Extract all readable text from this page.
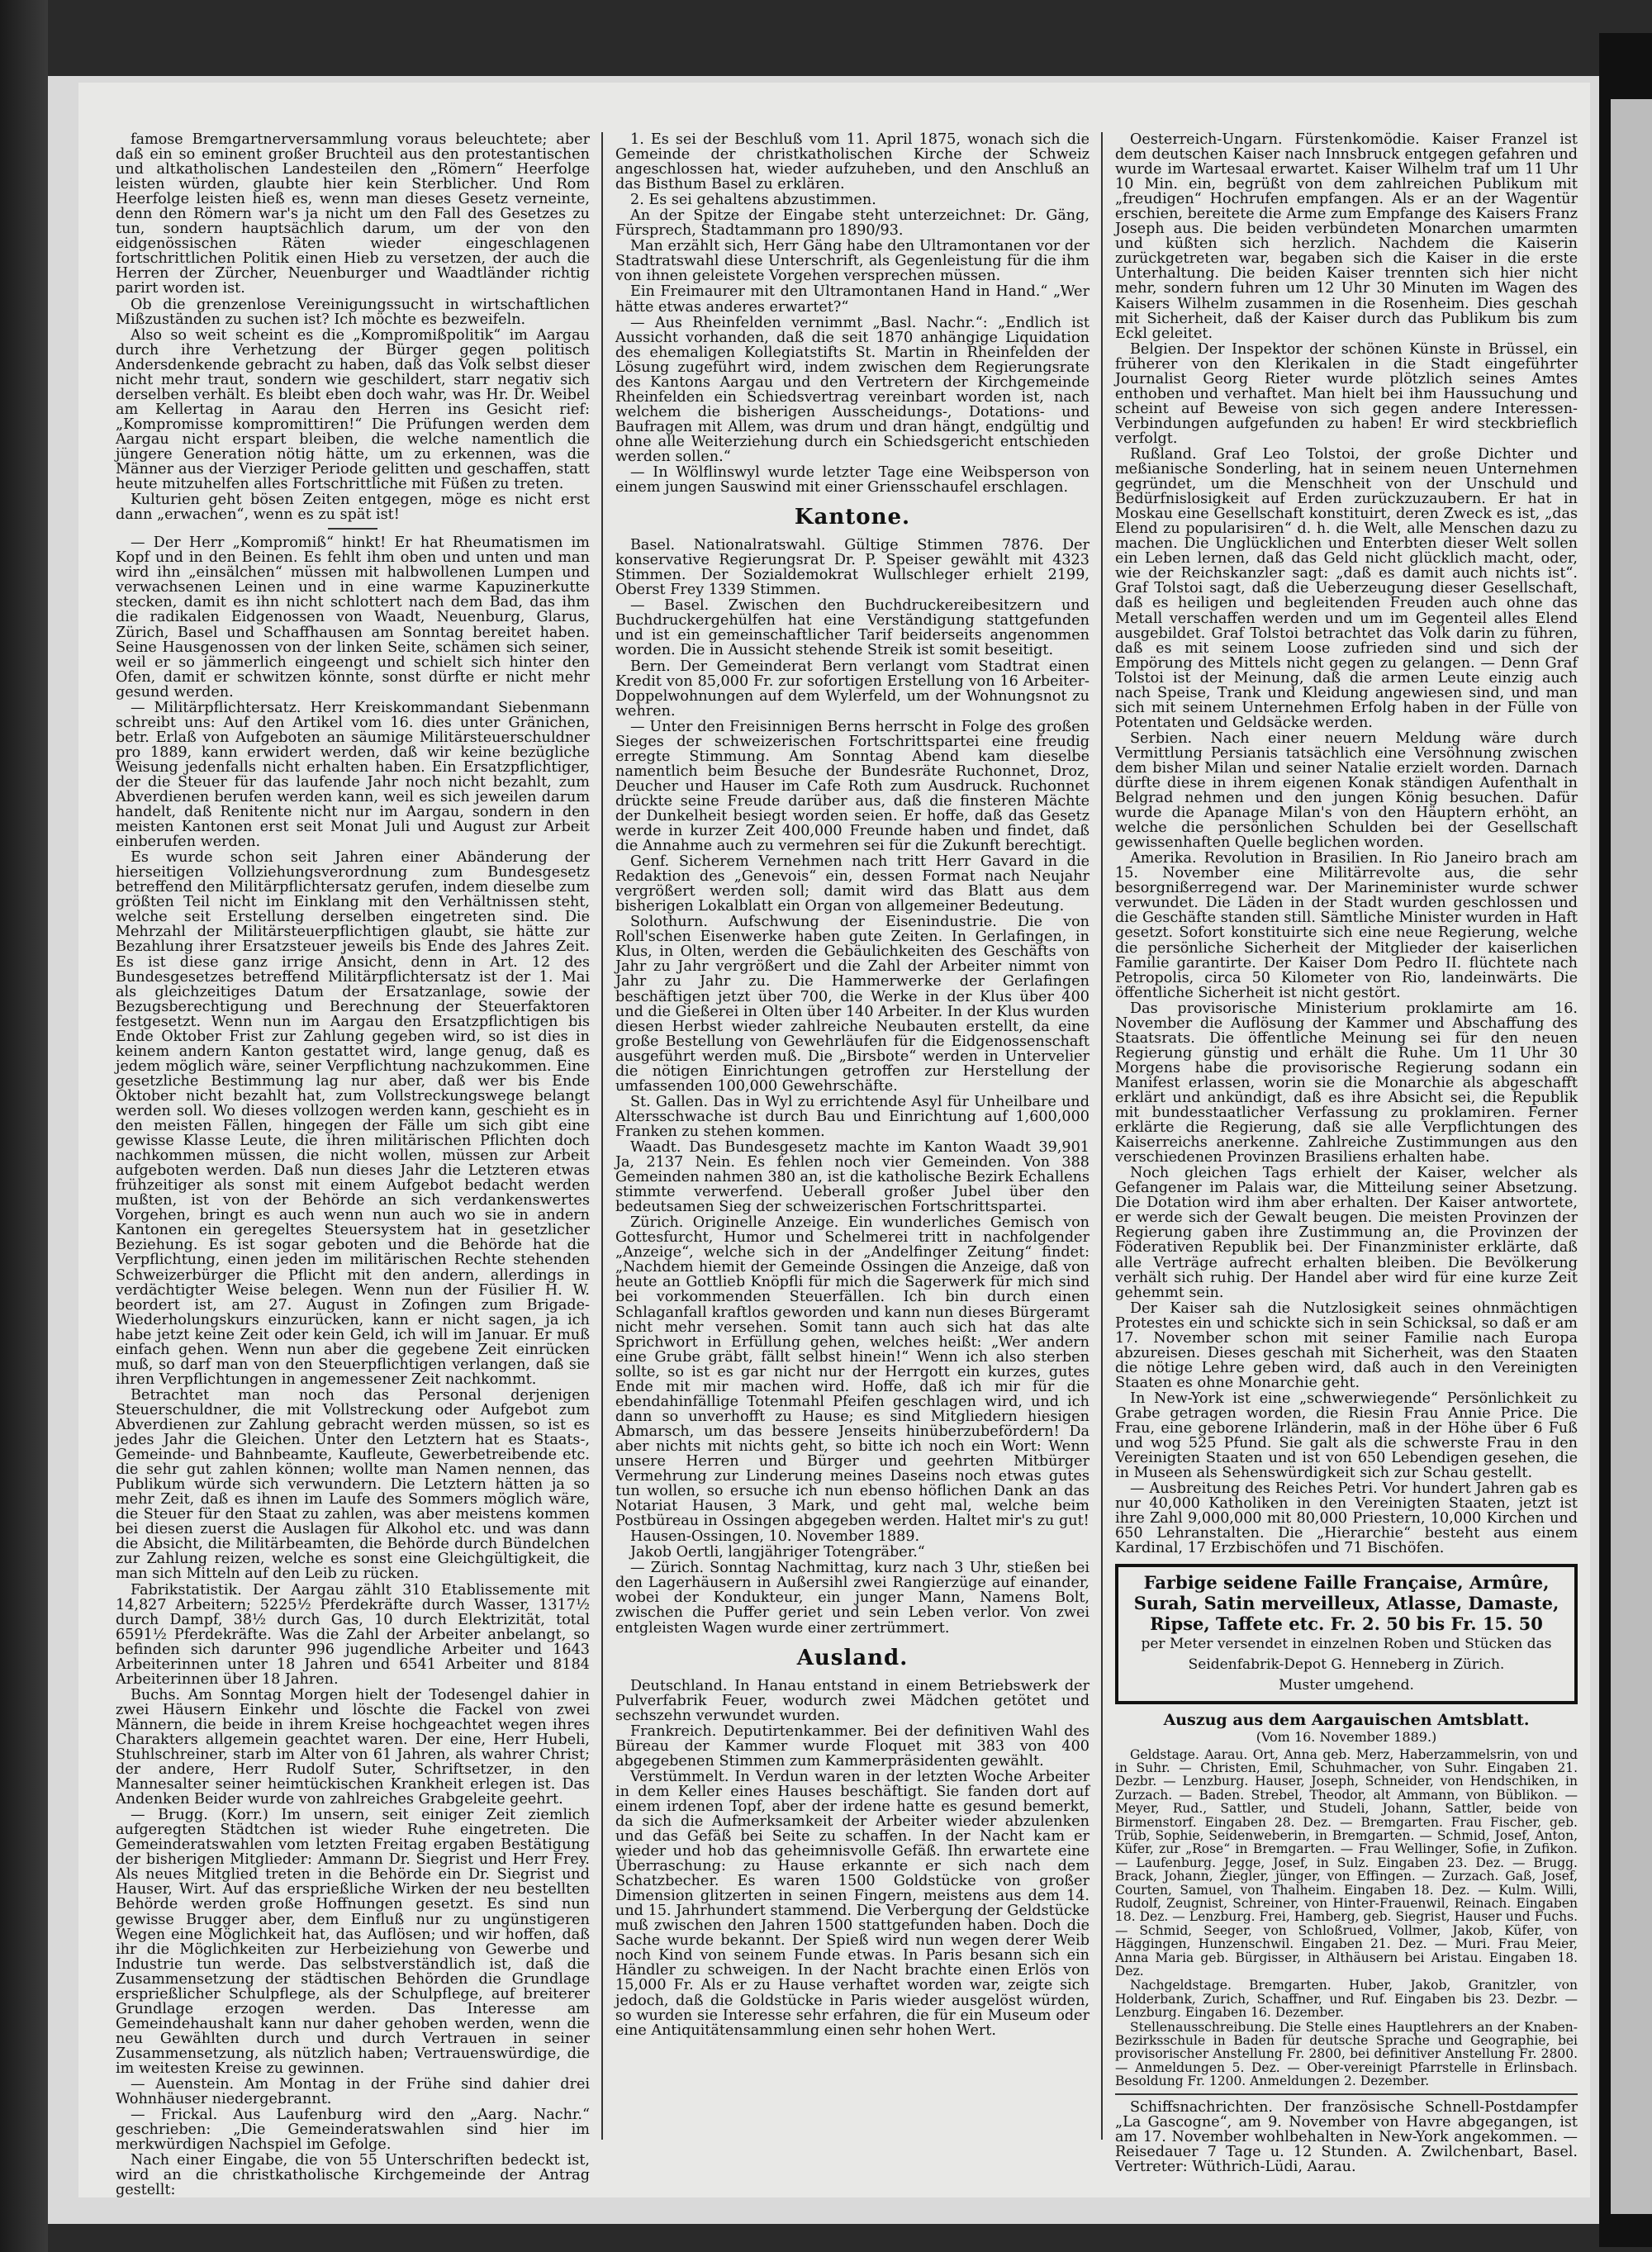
famose Bremgartnerversammlung voraus beleuchtete; aber daß ein so eminent großer Bruchteil aus den protestantischen und altkatholischen Landesteilen den „Römern“ Heerfolge leisten würden, glaubte hier kein Sterblicher. Und Rom Heerfolge leisten hieß es, wenn man dieses Gesetz verneinte, denn den Römern war's ja nicht um den Fall des Gesetzes zu tun, sondern hauptsächlich darum, um der von den eidgenössischen Räten wieder eingeschlagenen fortschrittlichen Politik einen Hieb zu versetzen, der auch die Herren der Zürcher, Neuenburger und Waadtländer richtig parirt worden ist.

Ob die grenzenlose Vereinigungssucht in wirtschaftlichen Mißzuständen zu suchen ist? Ich möchte es bezweifeln.

Also so weit scheint es die „Kompromißpolitik“ im Aargau durch ihre Verhetzung der Bürger gegen politisch Andersdenkende gebracht zu haben, daß das Volk selbst dieser nicht mehr traut, sondern wie geschildert, starr negativ sich derselben verhält. Es bleibt eben doch wahr, was Hr. Dr. Weibel am Kellertag in Aarau den Herren ins Gesicht rief: „Kompromisse kompromittiren!“ Die Prüfungen werden dem Aargau nicht erspart bleiben, die welche namentlich die jüngere Generation nötig hätte, um zu erkennen, was die Männer aus der Vierziger Periode gelitten und geschaffen, statt heute mitzuhelfen alles Fortschrittliche mit Füßen zu treten.

Kulturien geht bösen Zeiten entgegen, möge es nicht erst dann „erwachen“, wenn es zu spät ist!

— Der Herr „Kompromiß“ hinkt! Er hat Rheumatismen im Kopf und in den Beinen. Es fehlt ihm oben und unten und man wird ihn „einsälchen“ müssen mit halbwollenen Lumpen und verwachsenen Leinen und in eine warme Kapuzinerkutte stecken, damit es ihn nicht schlottert nach dem Bad, das ihm die radikalen Eidgenossen von Waadt, Neuenburg, Glarus, Zürich, Basel und Schaffhausen am Sonntag bereitet haben. Seine Hausgenossen von der linken Seite, schämen sich seiner, weil er so jämmerlich eingeengt und schielt sich hinter den Ofen, damit er schwitzen könnte, sonst dürfte er nicht mehr gesund werden.

— Militärpflichtersatz. Herr Kreiskommandant Siebenmann schreibt uns: Auf den Artikel vom 16. dies unter Gränichen, betr. Erlaß von Aufgeboten an säumige Militärsteuerschuldner pro 1889, kann erwidert werden, daß wir keine bezügliche Weisung jedenfalls nicht erhalten haben. Ein Ersatzpflichtiger, der die Steuer für das laufende Jahr noch nicht bezahlt, zum Abverdienen berufen werden kann, weil es sich jeweilen darum handelt, daß Renitente nicht nur im Aargau, sondern in den meisten Kantonen erst seit Monat Juli und August zur Arbeit einberufen werden.

Es wurde schon seit Jahren einer Abänderung der hierseitigen Vollziehungsverordnung zum Bundesgesetz betreffend den Militärpflichtersatz gerufen, indem dieselbe zum größten Teil nicht im Einklang mit den Verhältnissen steht, welche seit Erstellung derselben eingetreten sind. Die Mehrzahl der Militärsteuerpflichtigen glaubt, sie hätte zur Bezahlung ihrer Ersatzsteuer jeweils bis Ende des Jahres Zeit. Es ist diese ganz irrige Ansicht, denn in Art. 12 des Bundesgesetzes betreffend Militärpflichtersatz ist der 1. Mai als gleichzeitiges Datum der Ersatzanlage, sowie der Bezugsberechtigung und Berechnung der Steuerfaktoren festgesetzt. Wenn nun im Aargau den Ersatzpflichtigen bis Ende Oktober Frist zur Zahlung gegeben wird, so ist dies in keinem andern Kanton gestattet wird, lange genug, daß es jedem möglich wäre, seiner Verpflichtung nachzukommen. Eine gesetzliche Bestimmung lag nur aber, daß wer bis Ende Oktober nicht bezahlt hat, zum Vollstreckungswege belangt werden soll. Wo dieses vollzogen werden kann, geschieht es in den meisten Fällen, hingegen der Fälle um sich gibt eine gewisse Klasse Leute, die ihren militärischen Pflichten doch nachkommen müssen, die nicht wollen, müssen zur Arbeit aufgeboten werden. Daß nun dieses Jahr die Letzteren etwas frühzeitiger als sonst mit einem Aufgebot bedacht werden mußten, ist von der Behörde an sich verdankenswertes Vorgehen, bringt es auch wenn nun auch wo sie in andern Kantonen ein geregeltes Steuersystem hat in gesetzlicher Beziehung. Es ist sogar geboten und die Behörde hat die Verpflichtung, einen jeden im militärischen Rechte stehenden Schweizerbürger die Pflicht mit den andern, allerdings in verdächtigter Weise belegen. Wenn nun der Füsilier H. W. beordert ist, am 27. August in Zofingen zum Brigade-Wiederholungskurs einzurücken, kann er nicht sagen, ja ich habe jetzt keine Zeit oder kein Geld, ich will im Januar. Er muß einfach gehen. Wenn nun aber die gegebene Zeit einrücken muß, so darf man von den Steuerpflichtigen verlangen, daß sie ihren Verpflichtungen in angemessener Zeit nachkommt.

Betrachtet man noch das Personal derjenigen Steuerschuldner, die mit Vollstreckung oder Aufgebot zum Abverdienen zur Zahlung gebracht werden müssen, so ist es jedes Jahr die Gleichen. Unter den Letztern hat es Staats-, Gemeinde- und Bahnbeamte, Kaufleute, Gewerbetreibende etc. die sehr gut zahlen können; wollte man Namen nennen, das Publikum würde sich verwundern. Die Letztern hätten ja so mehr Zeit, daß es ihnen im Laufe des Sommers möglich wäre, die Steuer für den Staat zu zahlen, was aber meistens kommen bei diesen zuerst die Auslagen für Alkohol etc. und was dann die Absicht, die Militärbeamten, die Behörde durch Bündelchen zur Zahlung reizen, welche es sonst eine Gleichgültigkeit, die man sich Mitteln auf den Leib zu rücken.

Fabrikstatistik. Der Aargau zählt 310 Etablissemente mit 14,827 Arbeitern; 5225½ Pferdekräfte durch Wasser, 1317½ durch Dampf, 38½ durch Gas, 10 durch Elektrizität, total 6591½ Pferdekräfte. Was die Zahl der Arbeiter anbelangt, so befinden sich darunter 996 jugendliche Arbeiter und 1643 Arbeiterinnen unter 18 Jahren und 6541 Arbeiter und 8184 Arbeiterinnen über 18 Jahren.

Buchs. Am Sonntag Morgen hielt der Todesengel dahier in zwei Häusern Einkehr und löschte die Fackel von zwei Männern, die beide in ihrem Kreise hochgeachtet wegen ihres Charakters allgemein geachtet waren. Der eine, Herr Hubeli, Stuhlschreiner, starb im Alter von 61 Jahren, als wahrer Christ; der andere, Herr Rudolf Suter, Schriftsetzer, in den Mannesalter seiner heimtückischen Krankheit erlegen ist. Das Andenken Beider wurde von zahlreiches Grabgeleite geehrt.

— Brugg. (Korr.) Im unsern, seit einiger Zeit ziemlich aufgeregten Städtchen ist wieder Ruhe eingetreten. Die Gemeinderatswahlen vom letzten Freitag ergaben Bestätigung der bisherigen Mitglieder: Ammann Dr. Siegrist und Herr Frey. Als neues Mitglied treten in die Behörde ein Dr. Siegrist und Hauser, Wirt. Auf das ersprießliche Wirken der neu bestellten Behörde werden große Hoffnungen gesetzt. Es sind nun gewisse Brugger aber, dem Einfluß nur zu ungünstigeren Wegen eine Möglichkeit hat, das Auflösen; und wir hoffen, daß ihr die Möglichkeiten zur Herbeiziehung von Gewerbe und Industrie tun werde. Das selbstverständlich ist, daß die Zusammensetzung der städtischen Behörden die Grundlage ersprießlicher Schulpflege, als der Schulpflege, auf breiterer Grundlage erzogen werden. Das Interesse am Gemeindehaushalt kann nur daher gehoben werden, wenn die neu Gewählten durch und durch Vertrauen in seiner Zusammensetzung, als nützlich haben; Vertrauenswürdige, die im weitesten Kreise zu gewinnen.

— Auenstein. Am Montag in der Frühe sind dahier drei Wohnhäuser niedergebrannt.

— Frickal. Aus Laufenburg wird den „Aarg. Nachr.“ geschrieben: „Die Gemeinderatswahlen sind hier im merkwürdigen Nachspiel im Gefolge.

Nach einer Eingabe, die von 55 Unterschriften bedeckt ist, wird an die christkatholische Kirchgemeinde der Antrag gestellt:

1. Es sei der Beschluß vom 11. April 1875, wonach sich die Gemeinde der christkatholischen Kirche der Schweiz angeschlossen hat, wieder aufzuheben, und den Anschluß an das Bisthum Basel zu erklären.

2. Es sei gehaltens abzustimmen.

An der Spitze der Eingabe steht unterzeichnet: Dr. Gäng, Fürsprech, Stadtammann pro 1890/93.

Man erzählt sich, Herr Gäng habe den Ultramontanen vor der Stadtratswahl diese Unterschrift, als Gegenleistung für die ihm von ihnen geleistete Vorgehen versprechen müssen.

Ein Freimaurer mit den Ultramontanen Hand in Hand.“ „Wer hätte etwas anderes erwartet?“

— Aus Rheinfelden vernimmt „Basl. Nachr.“: „Endlich ist Aussicht vorhanden, daß die seit 1870 anhängige Liquidation des ehemaligen Kollegiatstifts St. Martin in Rheinfelden der Lösung zugeführt wird, indem zwischen dem Regierungsrate des Kantons Aargau und den Vertretern der Kirchgemeinde Rheinfelden ein Schiedsvertrag vereinbart worden ist, nach welchem die bisherigen Ausscheidungs-, Dotations- und Baufragen mit Allem, was drum und dran hängt, endgültig und ohne alle Weiterziehung durch ein Schiedsgericht entschieden werden sollen.“

— In Wölflinswyl wurde letzter Tage eine Weibsperson von einem jungen Sauswind mit einer Griensschaufel erschlagen.

Kantone.

Basel. Nationalratswahl. Gültige Stimmen 7876. Der konservative Regierungsrat Dr. P. Speiser gewählt mit 4323 Stimmen. Der Sozialdemokrat Wullschleger erhielt 2199, Oberst Frey 1339 Stimmen.

— Basel. Zwischen den Buchdruckereibesitzern und Buchdruckergehülfen hat eine Verständigung stattgefunden und ist ein gemeinschaftlicher Tarif beiderseits angenommen worden. Die in Aussicht stehende Streik ist somit beseitigt.

Bern. Der Gemeinderat Bern verlangt vom Stadtrat einen Kredit von 85,000 Fr. zur sofortigen Erstellung von 16 Arbeiter-Doppelwohnungen auf dem Wylerfeld, um der Wohnungsnot zu wehren.

— Unter den Freisinnigen Berns herrscht in Folge des großen Sieges der schweizerischen Fortschrittspartei eine freudig erregte Stimmung. Am Sonntag Abend kam dieselbe namentlich beim Besuche der Bundesräte Ruchonnet, Droz, Deucher und Hauser im Cafe Roth zum Ausdruck. Ruchonnet drückte seine Freude darüber aus, daß die finsteren Mächte der Dunkelheit besiegt worden seien. Er hoffe, daß das Gesetz werde in kurzer Zeit 400,000 Freunde haben und findet, daß die Annahme auch zu vermehren sei für die Zukunft berechtigt.

Genf. Sicherem Vernehmen nach tritt Herr Gavard in die Redaktion des „Genevois“ ein, dessen Format nach Neujahr vergrößert werden soll; damit wird das Blatt aus dem bisherigen Lokalblatt ein Organ von allgemeiner Bedeutung.

Solothurn. Aufschwung der Eisenindustrie. Die von Roll'schen Eisenwerke haben gute Zeiten. In Gerlafingen, in Klus, in Olten, werden die Gebäulichkeiten des Geschäfts von Jahr zu Jahr vergrößert und die Zahl der Arbeiter nimmt von Jahr zu Jahr zu. Die Hammerwerke der Gerlafingen beschäftigen jetzt über 700, die Werke in der Klus über 400 und die Gießerei in Olten über 140 Arbeiter. In der Klus wurden diesen Herbst wieder zahlreiche Neubauten erstellt, da eine große Bestellung von Gewehrläufen für die Eidgenossenschaft ausgeführt werden muß. Die „Birsbote“ werden in Untervelier die nötigen Einrichtungen getroffen zur Herstellung der umfassenden 100,000 Gewehrschäfte.

St. Gallen. Das in Wyl zu errichtende Asyl für Unheilbare und Altersschwache ist durch Bau und Einrichtung auf 1,600,000 Franken zu stehen kommen.

Waadt. Das Bundesgesetz machte im Kanton Waadt 39,901 Ja, 2137 Nein. Es fehlen noch vier Gemeinden. Von 388 Gemeinden nahmen 380 an, ist die katholische Bezirk Echallens stimmte verwerfend. Ueberall großer Jubel über den bedeutsamen Sieg der schweizerischen Fortschrittspartei.

Zürich. Originelle Anzeige. Ein wunderliches Gemisch von Gottesfurcht, Humor und Schelmerei tritt in nachfolgender „Anzeige“, welche sich in der „Andelfinger Zeitung“ findet: „Nachdem hiemit der Gemeinde Ossingen die Anzeige, daß von heute an Gottlieb Knöpfli für mich die Sagerwerk für mich sind bei vorkommenden Steuerfällen. Ich bin durch einen Schlaganfall kraftlos geworden und kann nun dieses Bürgeramt nicht mehr versehen. Somit tann auch sich hat das alte Sprichwort in Erfüllung gehen, welches heißt: „Wer andern eine Grube gräbt, fällt selbst hinein!“ Wenn ich also sterben sollte, so ist es gar nicht nur der Herrgott ein kurzes, gutes Ende mit mir machen wird. Hoffe, daß ich mir für die ebendahinfällige Totenmahl Pfeifen geschlagen wird, und ich dann so unverhofft zu Hause; es sind Mitgliedern hiesigen Abmarsch, um das bessere Jenseits hinüberzubefördern! Da aber nichts mit nichts geht, so bitte ich noch ein Wort: Wenn unsere Herren und Bürger und geehrten Mitbürger Vermehrung zur Linderung meines Daseins noch etwas gutes tun wollen, so ersuche ich nun ebenso höflichen Dank an das Notariat Hausen, 3 Mark, und geht mal, welche beim Postbüreau in Ossingen abgegeben werden. Haltet mir's zu gut!

Hausen-Ossingen, 10. November 1889.

Jakob Oertli, langjähriger Totengräber.“

— Zürich. Sonntag Nachmittag, kurz nach 3 Uhr, stießen bei den Lagerhäusern in Außersihl zwei Rangierzüge auf einander, wobei der Kondukteur, ein junger Mann, Namens Bolt, zwischen die Puffer geriet und sein Leben verlor. Von zwei entgleisten Wagen wurde einer zertrümmert.

Ausland.

Deutschland. In Hanau entstand in einem Betriebswerk der Pulverfabrik Feuer, wodurch zwei Mädchen getötet und sechszehn verwundet wurden.

Frankreich. Deputirtenkammer. Bei der definitiven Wahl des Büreau der Kammer wurde Floquet mit 383 von 400 abgegebenen Stimmen zum Kammerpräsidenten gewählt.

Verstümmelt. In Verdun waren in der letzten Woche Arbeiter in dem Keller eines Hauses beschäftigt. Sie fanden dort auf einem irdenen Topf, aber der irdene hatte es gesund bemerkt, da sich die Aufmerksamkeit der Arbeiter wieder abzulenken und das Gefäß bei Seite zu schaffen. In der Nacht kam er wieder und hob das geheimnisvolle Gefäß. Ihn erwartete eine Überraschung: zu Hause erkannte er sich nach dem Schatzbecher. Es waren 1500 Goldstücke von großer Dimension glitzerten in seinen Fingern, meistens aus dem 14. und 15. Jahrhundert stammend. Die Verbergung der Geldstücke muß zwischen den Jahren 1500 stattgefunden haben. Doch die Sache wurde bekannt. Der Spieß wird nun wegen derer Weib noch Kind von seinem Funde etwas. In Paris besann sich ein Händler zu schweigen. In der Nacht brachte einen Erlös von 15,000 Fr. Als er zu Hause verhaftet worden war, zeigte sich jedoch, daß die Goldstücke in Paris wieder ausgelöst würden, so wurden sie Interesse sehr erfahren, die für ein Museum oder eine Antiquitätensammlung einen sehr hohen Wert.

Oesterreich-Ungarn. Fürstenkomödie. Kaiser Franzel ist dem deutschen Kaiser nach Innsbruck entgegen gefahren und wurde im Wartesaal erwartet. Kaiser Wilhelm traf um 11 Uhr 10 Min. ein, begrüßt von dem zahlreichen Publikum mit „freudigen“ Hochrufen empfangen. Als er an der Wagentür erschien, bereitete die Arme zum Empfange des Kaisers Franz Joseph aus. Die beiden verbündeten Monarchen umarmten und küßten sich herzlich. Nachdem die Kaiserin zurückgetreten war, begaben sich die Kaiser in die erste Unterhaltung. Die beiden Kaiser trennten sich hier nicht mehr, sondern fuhren um 12 Uhr 30 Minuten im Wagen des Kaisers Wilhelm zusammen in die Rosenheim. Dies geschah mit Sicherheit, daß der Kaiser durch das Publikum bis zum Eckl geleitet.

Belgien. Der Inspektor der schönen Künste in Brüssel, ein früherer von den Klerikalen in die Stadt eingeführter Journalist Georg Rieter wurde plötzlich seines Amtes enthoben und verhaftet. Man hielt bei ihm Haussuchung und scheint auf Beweise von sich gegen andere Interessen-Verbindungen aufgefunden zu haben! Er wird steckbrieflich verfolgt.

Rußland. Graf Leo Tolstoi, der große Dichter und meßianische Sonderling, hat in seinem neuen Unternehmen gegründet, um die Menschheit von der Unschuld und Bedürfnislosigkeit auf Erden zurückzuzaubern. Er hat in Moskau eine Gesellschaft konstituirt, deren Zweck es ist, „das Elend zu popularisiren“ d. h. die Welt, alle Menschen dazu zu machen. Die Unglücklichen und Enterbten dieser Welt sollen ein Leben lernen, daß das Geld nicht glücklich macht, oder, wie der Reichskanzler sagt: „daß es damit auch nichts ist“. Graf Tolstoi sagt, daß die Ueberzeugung dieser Gesellschaft, daß es heiligen und begleitenden Freuden auch ohne das Metall verschaffen werden und um im Gegenteil alles Elend ausgebildet. Graf Tolstoi betrachtet das Volk darin zu führen, daß es mit seinem Loose zufrieden sind und sich der Empörung des Mittels nicht gegen zu gelangen. — Denn Graf Tolstoi ist der Meinung, daß die armen Leute einzig auch nach Speise, Trank und Kleidung angewiesen sind, und man sich mit seinem Unternehmen Erfolg haben in der Fülle von Potentaten und Geldsäcke werden.

Serbien. Nach einer neuern Meldung wäre durch Vermittlung Persianis tatsächlich eine Versöhnung zwischen dem bisher Milan und seiner Natalie erzielt worden. Darnach dürfte diese in ihrem eigenen Konak ständigen Aufenthalt in Belgrad nehmen und den jungen König besuchen. Dafür wurde die Apanage Milan's von den Häuptern erhöht, an welche die persönlichen Schulden bei der Gesellschaft gewissenhaften Quelle beglichen worden.

Amerika. Revolution in Brasilien. In Rio Janeiro brach am 15. November eine Militärrevolte aus, die sehr besorgnißerregend war. Der Marineminister wurde schwer verwundet. Die Läden in der Stadt wurden geschlossen und die Geschäfte standen still. Sämtliche Minister wurden in Haft gesetzt. Sofort konstituirte sich eine neue Regierung, welche die persönliche Sicherheit der Mitglieder der kaiserlichen Familie garantirte. Der Kaiser Dom Pedro II. flüchtete nach Petropolis, circa 50 Kilometer von Rio, landeinwärts. Die öffentliche Sicherheit ist nicht gestört.

Das provisorische Ministerium proklamirte am 16. November die Auflösung der Kammer und Abschaffung des Staatsrats. Die öffentliche Meinung sei für den neuen Regierung günstig und erhält die Ruhe. Um 11 Uhr 30 Morgens habe die provisorische Regierung sodann ein Manifest erlassen, worin sie die Monarchie als abgeschafft erklärt und ankündigt, daß es ihre Absicht sei, die Republik mit bundesstaatlicher Verfassung zu proklamiren. Ferner erklärte die Regierung, daß sie alle Verpflichtungen des Kaiserreichs anerkenne. Zahlreiche Zustimmungen aus den verschiedenen Provinzen Brasiliens erhalten habe.

Noch gleichen Tags erhielt der Kaiser, welcher als Gefangener im Palais war, die Mitteilung seiner Absetzung. Die Dotation wird ihm aber erhalten. Der Kaiser antwortete, er werde sich der Gewalt beugen. Die meisten Provinzen der Regierung gaben ihre Zustimmung an, die Provinzen der Föderativen Republik bei. Der Finanzminister erklärte, daß alle Verträge aufrecht erhalten bleiben. Die Bevölkerung verhält sich ruhig. Der Handel aber wird für eine kurze Zeit gehemmt sein.

Der Kaiser sah die Nutzlosigkeit seines ohnmächtigen Protestes ein und schickte sich in sein Schicksal, so daß er am 17. November schon mit seiner Familie nach Europa abzureisen. Dieses geschah mit Sicherheit, was den Staaten die nötige Lehre geben wird, daß auch in den Vereinigten Staaten es ohne Monarchie geht.

In New-York ist eine „schwerwiegende“ Persönlichkeit zu Grabe getragen worden, die Riesin Frau Annie Price. Die Frau, eine geborene Irländerin, maß in der Höhe über 6 Fuß und wog 525 Pfund. Sie galt als die schwerste Frau in den Vereinigten Staaten und ist von 650 Lebendigen gesehen, die in Museen als Sehenswürdigkeit sich zur Schau gestellt.

— Ausbreitung des Reiches Petri. Vor hundert Jahren gab es nur 40,000 Katholiken in den Vereinigten Staaten, jetzt ist ihre Zahl 9,000,000 mit 80,000 Priestern, 10,000 Kirchen und 650 Lehranstalten. Die „Hierarchie“ besteht aus einem Kardinal, 17 Erzbischöfen und 71 Bischöfen.

Farbige seidene Faille Française, Armûre,
Surah, Satin merveilleux, Atlasse, Damaste,
Ripse, Taffete etc. Fr. 2. 50 bis Fr. 15. 50
per Meter versendet in einzelnen Roben und Stücken das
Seidenfabrik-Depot G. Henneberg in Zürich.
Muster umgehend.
Auszug aus dem Aargauischen Amtsblatt.
(Vom 16. November 1889.)

Geldstage. Aarau. Ort, Anna geb. Merz, Haberzammelsrin, von und in Suhr. — Christen, Emil, Schuhmacher, von Suhr. Eingaben 21. Dezbr. — Lenzburg. Hauser, Joseph, Schneider, von Hendschiken, in Zurzach. — Baden. Strebel, Theodor, alt Ammann, von Büblikon. — Meyer, Rud., Sattler, und Studeli, Johann, Sattler, beide von Birmenstorf. Eingaben 28. Dez. — Bremgarten. Frau Fischer, geb. Trüb, Sophie, Seidenweberin, in Bremgarten. — Schmid, Josef, Anton, Küfer, zur „Rose“ in Bremgarten. — Frau Wellinger, Sofie, in Zufikon. — Laufenburg. Jegge, Josef, in Sulz. Eingaben 23. Dez. — Brugg. Brack, Johann, Ziegler, jünger, von Effingen. — Zurzach. Gaß, Josef, Courten, Samuel, von Thalheim. Eingaben 18. Dez. — Kulm. Willi, Rudolf, Zeugnist, Schreiner, von Hinter-Frauenwil, Reinach. Eingaben 18. Dez. — Lenzburg. Frei, Hamberg, geb. Siegrist, Hauser und Fuchs. — Schmid, Seeger, von Schloßrued, Vollmer, Jakob, Küfer, von Häggingen, Hunzenschwil. Eingaben 21. Dez. — Muri. Frau Meier, Anna Maria geb. Bürgisser, in Althäusern bei Aristau. Eingaben 18. Dez.

Nachgeldstage. Bremgarten. Huber, Jakob, Granitzler, von Holderbank, Zurich, Schaffner, und Ruf. Eingaben bis 23. Dezbr. — Lenzburg. Eingaben 16. Dezember.

Stellenausschreibung. Die Stelle eines Hauptlehrers an der Knaben-Bezirksschule in Baden für deutsche Sprache und Geographie, bei provisorischer Anstellung Fr. 2800, bei definitiver Anstellung Fr. 2800. — Anmeldungen 5. Dez. — Ober-vereinigt Pfarrstelle in Erlinsbach. Besoldung Fr. 1200. Anmeldungen 2. Dezember.

Schiffsnachrichten. Der französische Schnell-Postdampfer „La Gascogne“, am 9. November von Havre abgegangen, ist am 17. November wohlbehalten in New-York angekommen. — Reisedauer 7 Tage u. 12 Stunden. A. Zwilchenbart, Basel. Vertreter: Wüthrich-Lüdi, Aarau.
